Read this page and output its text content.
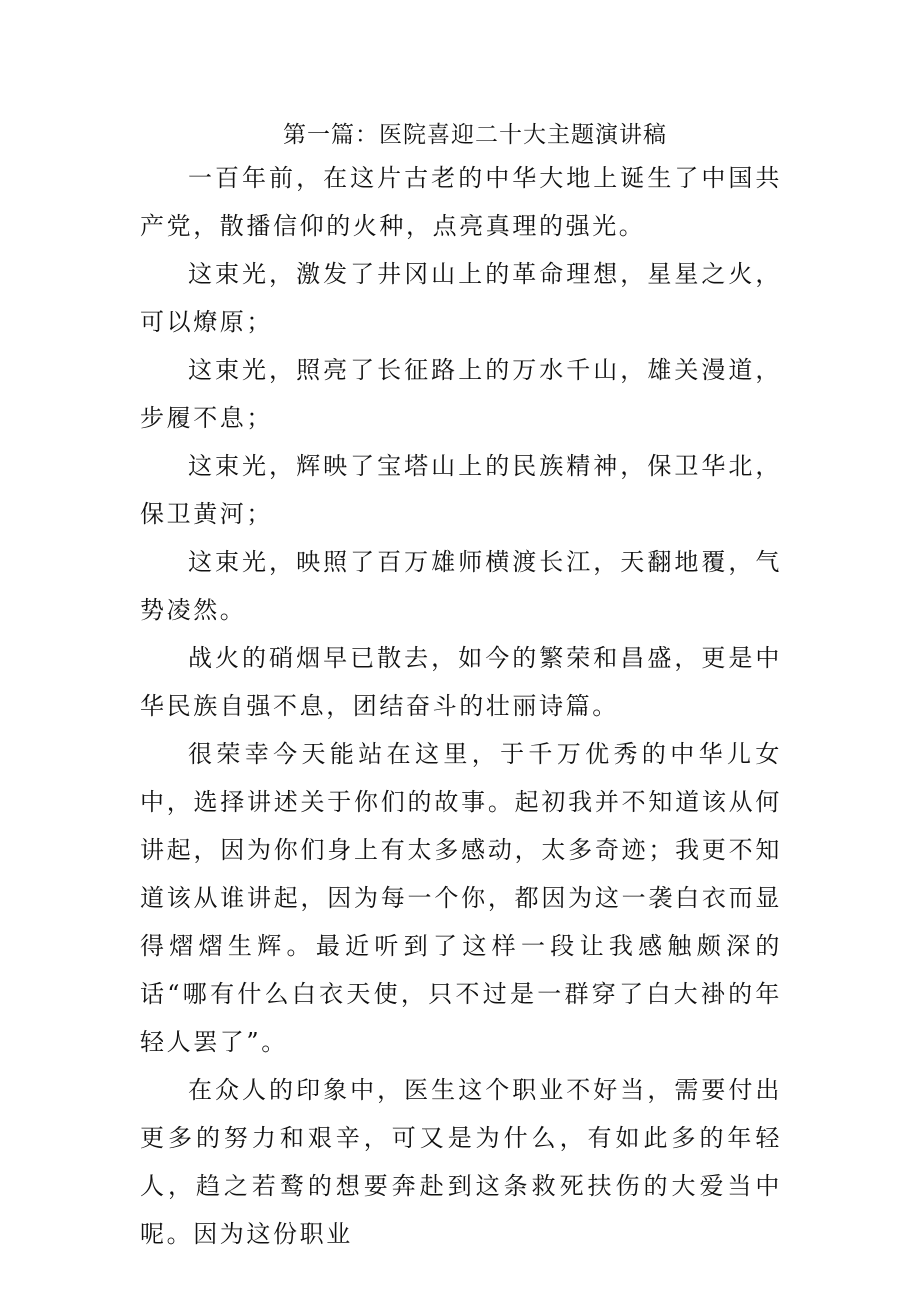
第一篇：医院喜迎二十大主题演讲稿

一百年前，在这片古老的中华大地上诞生了中国共产党，散播信仰的火种，点亮真理的强光。

这束光，激发了井冈山上的革命理想，星星之火，可以燎原；

这束光，照亮了长征路上的万水千山，雄关漫道，步履不息；

这束光，辉映了宝塔山上的民族精神，保卫华北，保卫黄河；

这束光，映照了百万雄师横渡长江，天翻地覆，气势凌然。

战火的硝烟早已散去，如今的繁荣和昌盛，更是中华民族自强不息，团结奋斗的壮丽诗篇。

很荣幸今天能站在这里，于千万优秀的中华儿女中，选择讲述关于你们的故事。起初我并不知道该从何讲起，因为你们身上有太多感动，太多奇迹；我更不知道该从谁讲起，因为每一个你，都因为这一袭白衣而显得熠熠生辉。最近听到了这样一段让我感触颇深的话“哪有什么白衣天使，只不过是一群穿了白大褂的年轻人罢了”。

在众人的印象中，医生这个职业不好当，需要付出更多的努力和艰辛，可又是为什么，有如此多的年轻人，趋之若鹜的想要奔赴到这条救死扶伤的大爱当中呢。因为这份职业
